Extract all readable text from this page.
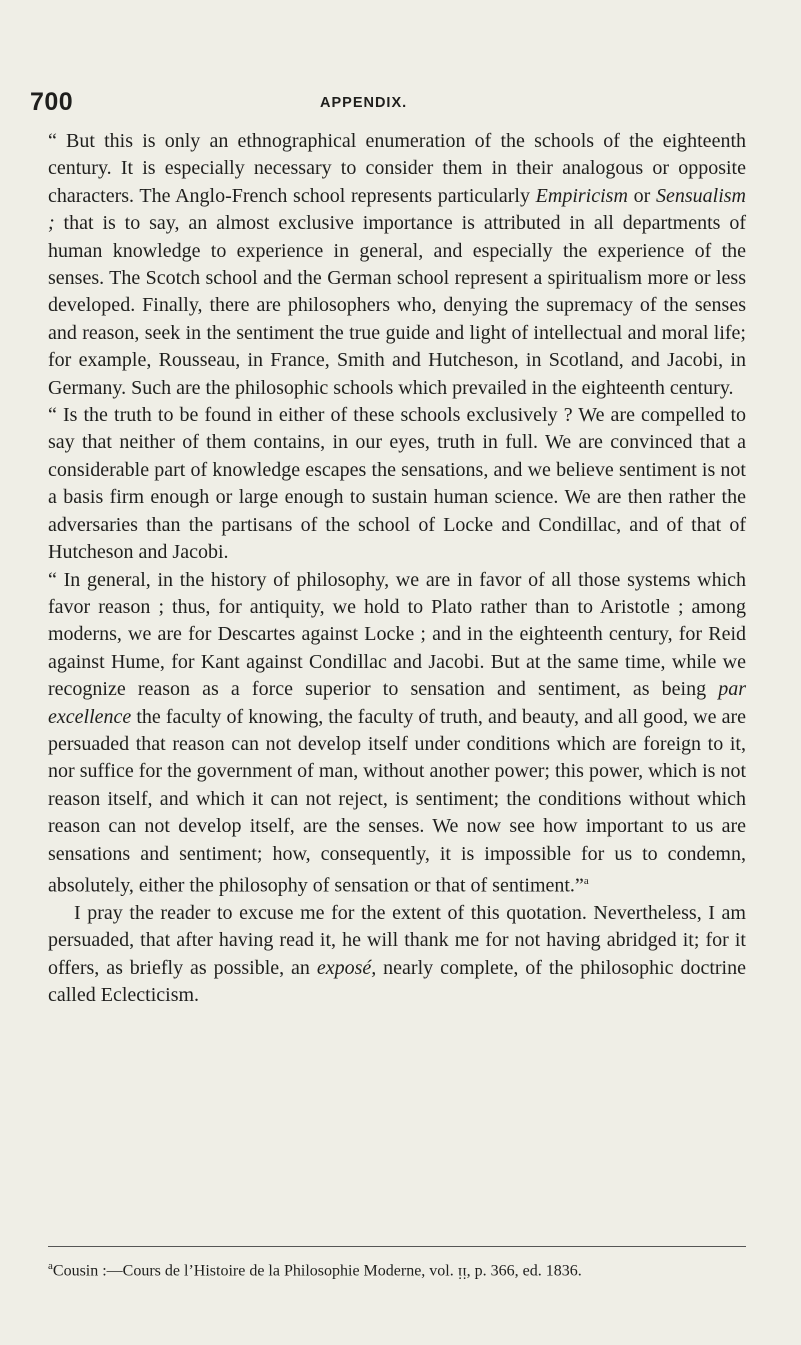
700	APPENDIX.

“ But this is only an ethnographical enumeration of the schools of the eighteenth century. It is especially necessary to consider them in their analogous or opposite characters. The Anglo-French school represents particularly Empiricism or Sensualism ; that is to say, an almost exclusive importance is attributed in all departments of human knowledge to experience in general, and especially the experience of the senses. The Scotch school and the German school represent a spiritualism more or less developed. Finally, there are philosophers who, denying the supremacy of the senses and reason, seek in the sentiment the true guide and light of intellectual and moral life; for example, Rousseau, in France, Smith and Hutcheson, in Scotland, and Jacobi, in Germany. Such are the philosophic schools which prevailed in the eighteenth century.

“ Is the truth to be found in either of these schools exclusively ? We are compelled to say that neither of them contains, in our eyes, truth in full. We are convinced that a considerable part of knowledge escapes the sensations, and we believe sentiment is not a basis firm enough or large enough to sustain human science. We are then rather the adversaries than the partisans of the school of Locke and Condillac, and of that of Hutcheson and Jacobi.

“ In general, in the history of philosophy, we are in favor of all those systems which favor reason ; thus, for antiquity, we hold to Plato rather than to Aristotle ; among moderns, we are for Descartes against Locke ; and in the eighteenth century, for Reid against Hume, for Kant against Condillac and Jacobi. But at the same time, while we recognize reason as a force superior to sensation and sentiment, as being par excellence the faculty of knowing, the faculty of truth, and beauty, and all good, we are persuaded that reason can not develop itself under conditions which are foreign to it, nor suffice for the government of man, without another power; this power, which is not reason itself, and which it can not reject, is sentiment; the conditions without which reason can not develop itself, are the senses. We now see how important to us are sensations and sentiment; how, consequently, it is impossible for us to condemn, absolutely, either the philosophy of sensation or that of sentiment.”$^a$

I pray the reader to excuse me for the extent of this quotation. Nevertheless, I am persuaded, that after having read it, he will thank me for not having abridged it; for it offers, as briefly as possible, an exposé, nearly complete, of the philosophic doctrine called Eclecticism.

$^a$Cousin :—Cours de l’Histoire de la Philosophie Moderne, vol. ᴉᴉ, p. 366, ed. 1836.
